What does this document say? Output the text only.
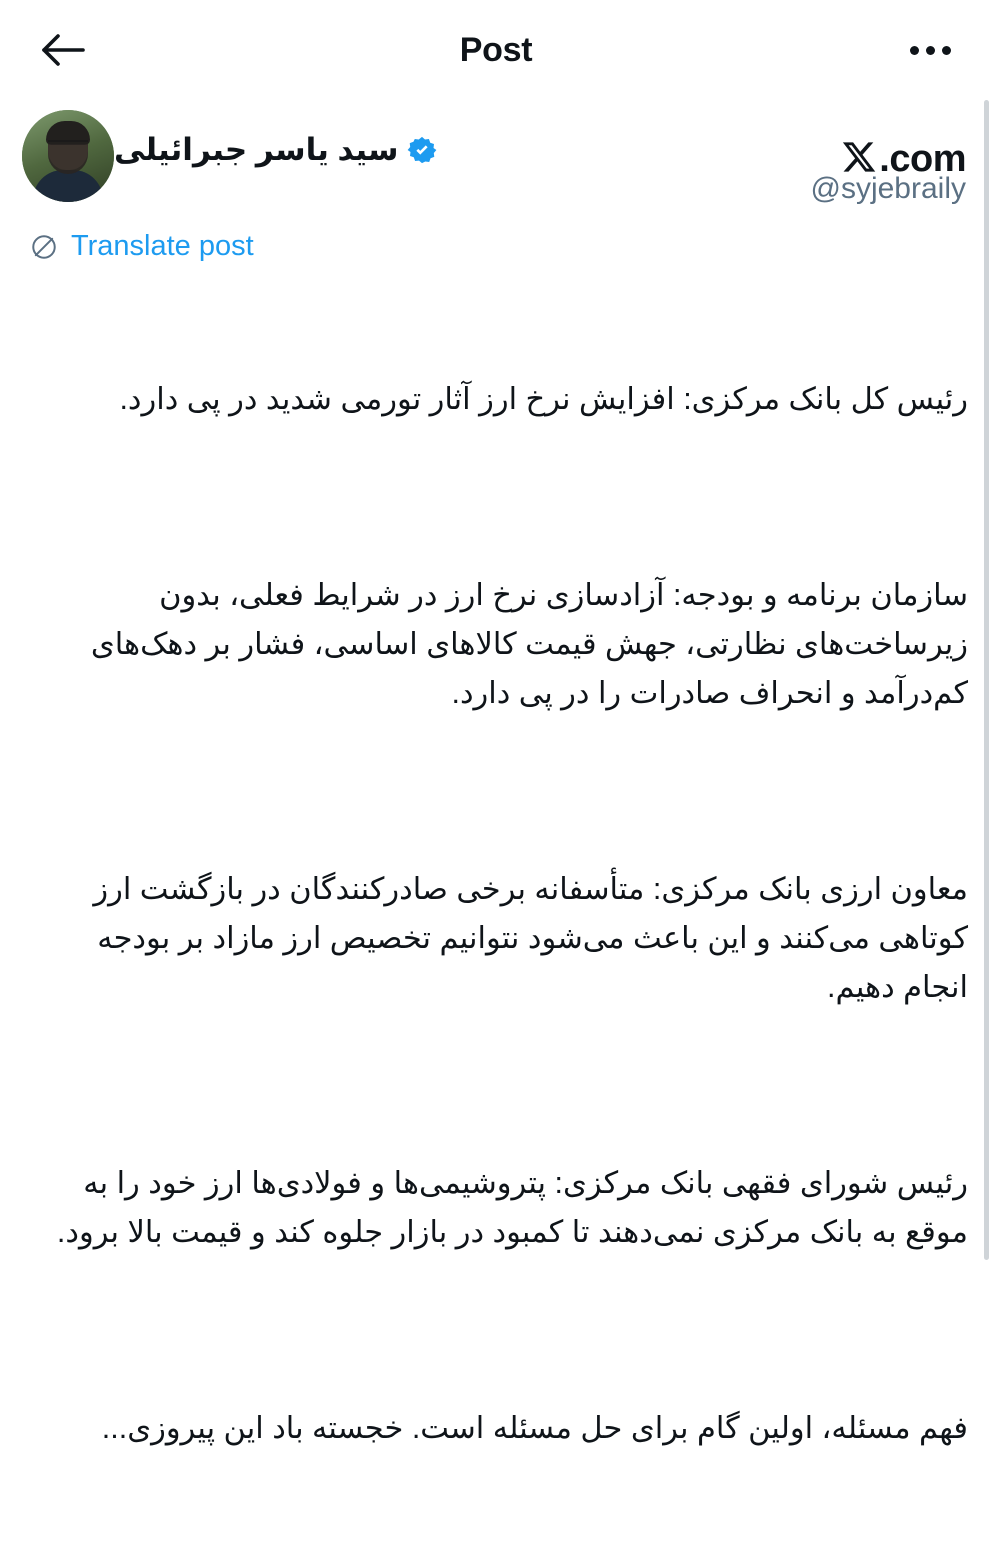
Post
سید یاسر جبرائیلی
@syjebraily
.com
Translate post

رئیس کل بانک مرکزی: افزایش نرخ ارز آثار تورمی شدید در پی دارد.

سازمان برنامه و بودجه: آزادسازی نرخ ارز در شرایط فعلی، بدون زیرساخت‌های نظارتی، جهش قیمت کالاهای اساسی، فشار بر دهک‌های کم‌درآمد و انحراف صادرات را در پی دارد.

معاون ارزی بانک مرکزی: متأسفانه برخی صادرکنندگان در بازگشت ارز کوتاهی می‌کنند و این باعث می‌شود نتوانیم تخصیص ارز مازاد بر بودجه انجام دهیم.

رئیس شورای فقهی بانک مرکزی: پتروشیمی‌ها و فولادی‌ها ارز خود را به موقع به بانک مرکزی نمی‌دهند تا کمبود در بازار جلوه کند و قیمت بالا برود.

فهم مسئله، اولین گام برای حل مسئله است. خجسته باد این پیروزی...
